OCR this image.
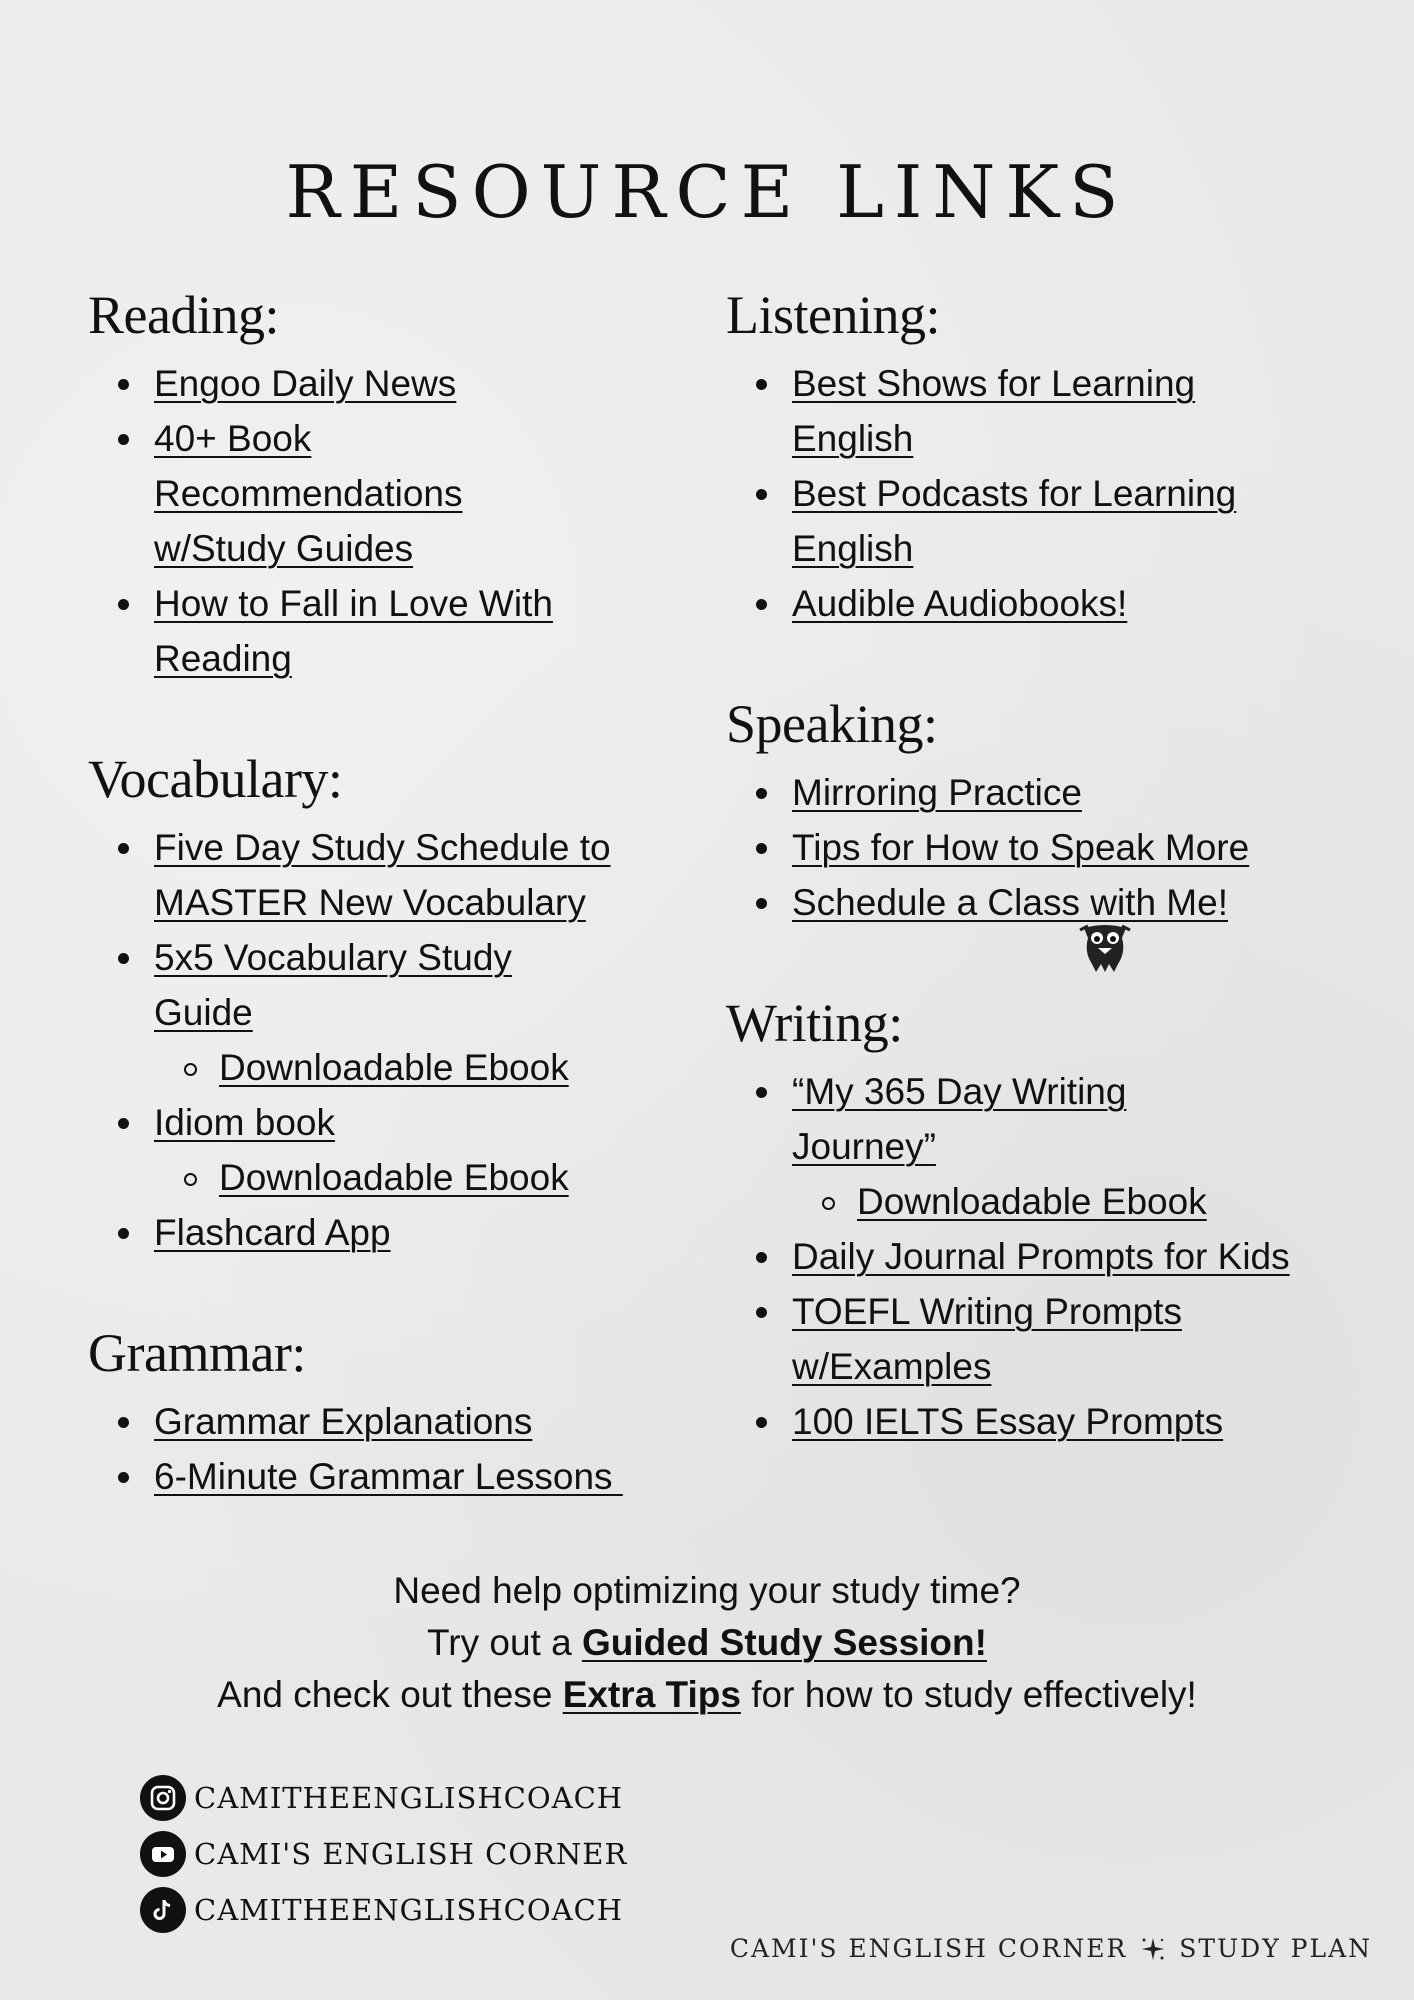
RESOURCE LINKS
Reading:
Engoo Daily News
40+ Book Recommendations w/Study Guides
How to Fall in Love With Reading
Vocabulary:
Five Day Study Schedule to MASTER New Vocabulary
5x5 Vocabulary Study Guide
Downloadable Ebook
Idiom book
Downloadable Ebook
Flashcard App
Grammar:
Grammar Explanations
6-Minute Grammar Lessons
Listening:
Best Shows for Learning English
Best Podcasts for Learning English
Audible Audiobooks!
Speaking:
Mirroring Practice
Tips for How to Speak More
Schedule a Class with Me!
Writing:
“My 365 Day Writing Journey”
Downloadable Ebook
Daily Journal Prompts for Kids
TOEFL Writing Prompts w/Examples
100 IELTS Essay Prompts
Need help optimizing your study time?
Try out a Guided Study Session!
And check out these Extra Tips for how to study effectively!
CAMITHEENGLISHCOACH
CAMI'S ENGLISH CORNER
CAMITHEENGLISHCOACH
CAMI'S ENGLISH CORNER STUDY PLAN
